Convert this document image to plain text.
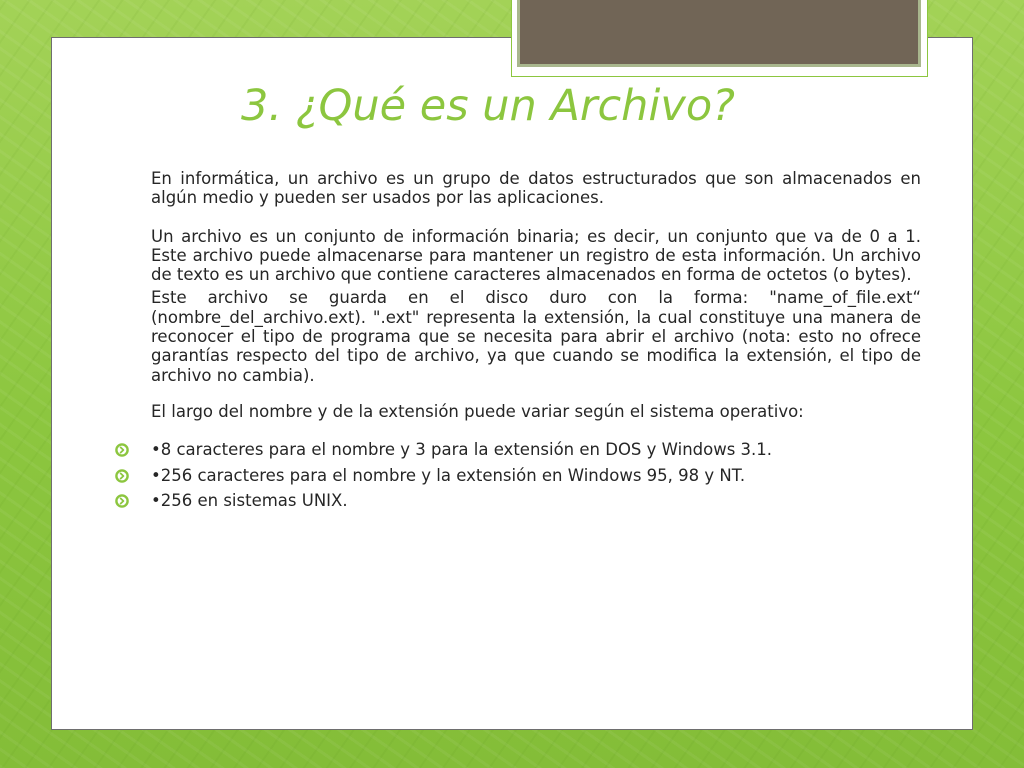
3. ¿Qué es un Archivo?

En informática, un archivo es un grupo de datos estructurados que son almacenados en algún medio y pueden ser usados por las aplicaciones.

Un archivo es un conjunto de información binaria; es decir, un conjunto que va de 0 a 1. Este archivo puede almacenarse para mantener un registro de esta información. Un archivo de texto es un archivo que contiene caracteres almacenados en forma de octetos (o bytes).

Este archivo se guarda en el disco duro con la forma: "name_of_file.ext“ (nombre_del_archivo.ext). ".ext" representa la extensión, la cual constituye una manera de reconocer el tipo de programa que se necesita para abrir el archivo (nota: esto no ofrece garantías respecto del tipo de archivo, ya que cuando se modifica la extensión, el tipo de archivo no cambia).

El largo del nombre y de la extensión puede variar según el sistema operativo:

•8 caracteres para el nombre y 3 para la extensión en DOS y Windows 3.1.
•256 caracteres para el nombre y la extensión en Windows 95, 98 y NT.
•256 en sistemas UNIX.
